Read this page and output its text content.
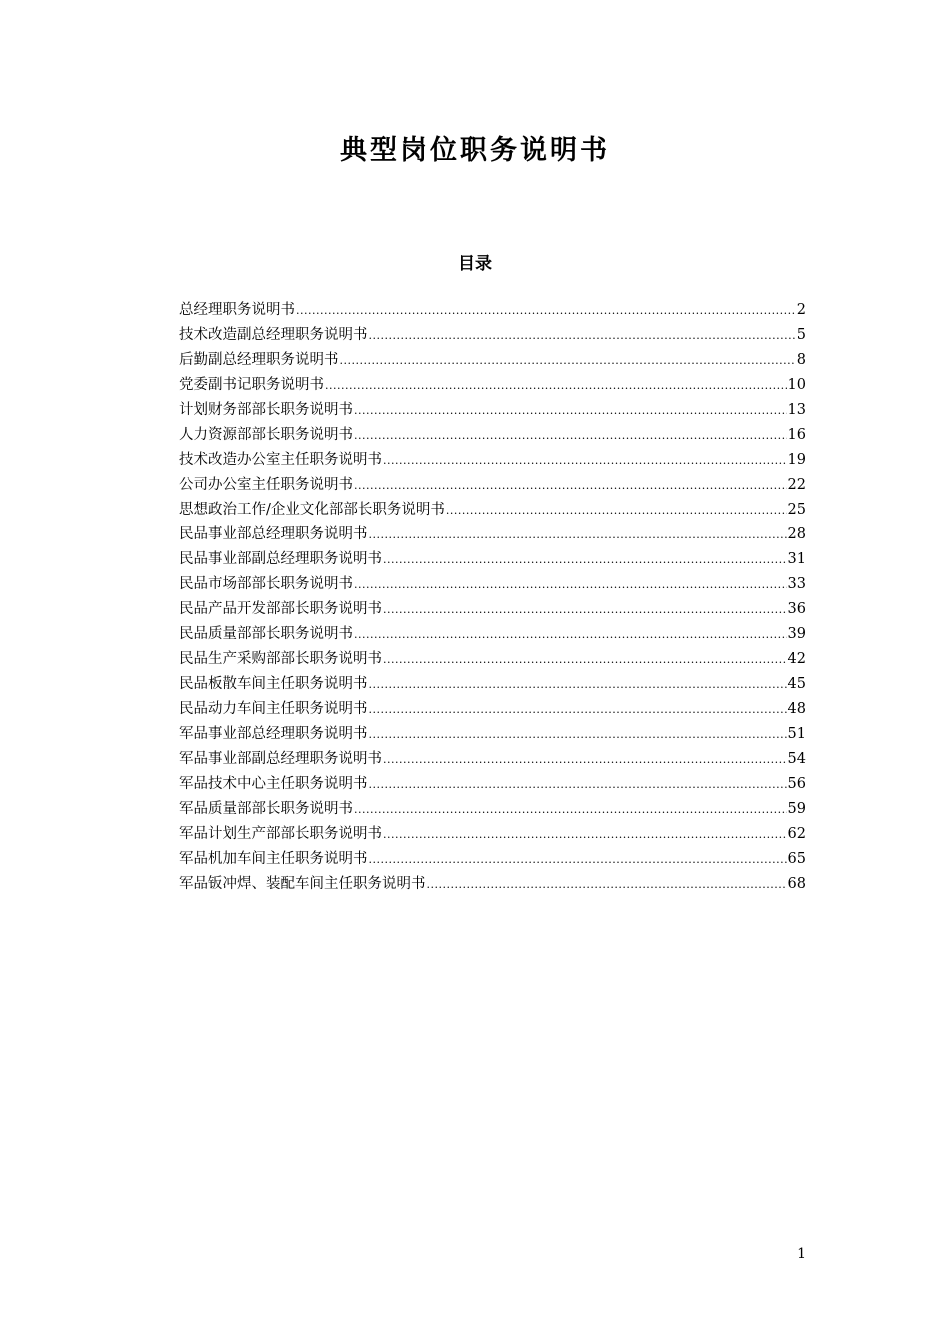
典型岗位职务说明书
目录
总经理职务说明书 .....	2
技术改造副总经理职务说明书 .....	5
后勤副总经理职务说明书 .....	8
党委副书记职务说明书 .....	10
计划财务部部长职务说明书 .....	13
人力资源部部长职务说明书 .....	16
技术改造办公室主任职务说明书 .....	19
公司办公室主任职务说明书 .....	22
思想政治工作/企业文化部部长职务说明书 .....	25
民品事业部总经理职务说明书 .....	28
民品事业部副总经理职务说明书 .....	31
民品市场部部长职务说明书 .....	33
民品产品开发部部长职务说明书 .....	36
民品质量部部长职务说明书 .....	39
民品生产采购部部长职务说明书 .....	42
民品板散车间主任职务说明书 .....	45
民品动力车间主任职务说明书 .....	48
军品事业部总经理职务说明书 .....	51
军品事业部副总经理职务说明书 .....	54
军品技术中心主任职务说明书 .....	56
军品质量部部长职务说明书 .....	59
军品计划生产部部长职务说明书 .....	62
军品机加车间主任职务说明书 .....	65
军品钣冲焊、装配车间主任职务说明书 .....	68
1
